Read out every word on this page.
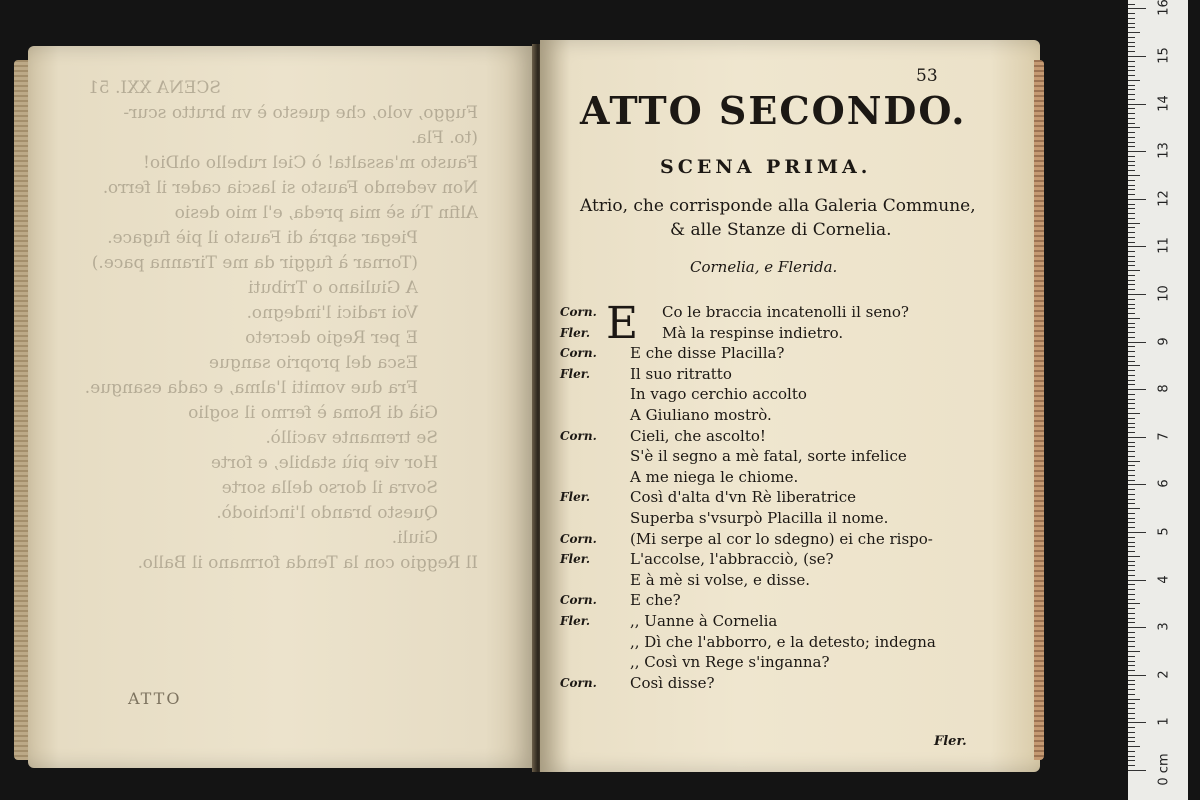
SCENA XXI. 51
Fuggo, volo, che questo è vn brutto scur-
(to. Fla.
Fausto m'assalta! ò Ciel rubello ohDio!
Non vedendo Fausto si lascia cader il ferro.
Alfin Tù sè mia preda, e'l mio desio
Piegar saprà di Fausto il piè fugace.
(Tornar à fuggir da me Tiranna pace.)
A Giuliano o Tributi
Voi radici l'indegno.
E per Regio decreto
Esca del proprio sangue
Fra due vomiti l'alma, e cada esangue.
Già di Roma è fermo il soglio
Se tremante vacillò.
Hor vie più stabile, e forte
Sovra il dorso della sorte
Questo brando l'inchiodò.
Giuli.
Il Reggio con la Tenda formano il Ballo.
ATTO
53
ATTO SECONDO.
SCENA PRIMA.
Atrio, che corrisponde alla Galeria Commune,
& alle Stanze di Cornelia.
Cornelia, e Flerida.
E
Corn.	Co le braccia incatenolli il seno?
Fler.	Mà la respinse indietro.
Corn.	E che disse Placilla?
Fler.	Il suo ritratto
In vago cerchio accolto
A Giuliano mostrò.
Corn.	Cieli, che ascolto!
S'è il segno a mè fatal, sorte infelice
A me niega le chiome.
Fler.	Così d'alta d'vn Rè liberatrice
Superba s'vsurpò Placilla il nome.
Corn.	(Mi serpe al cor lo sdegno) ei che rispo-
Fler.	L'accolse, l'abbracciò, (se?
E à mè si volse, e disse.
Corn.	E che?
Fler.	,, Uanne à Cornelia
,, Dì che l'abborro, e la detesto; indegna
,, Così vn Rege s'inganna?
Corn.	Così disse?
Fler.
0 cm
1
2
3
4
5
6
7
8
9
10
11
12
13
14
15
16
